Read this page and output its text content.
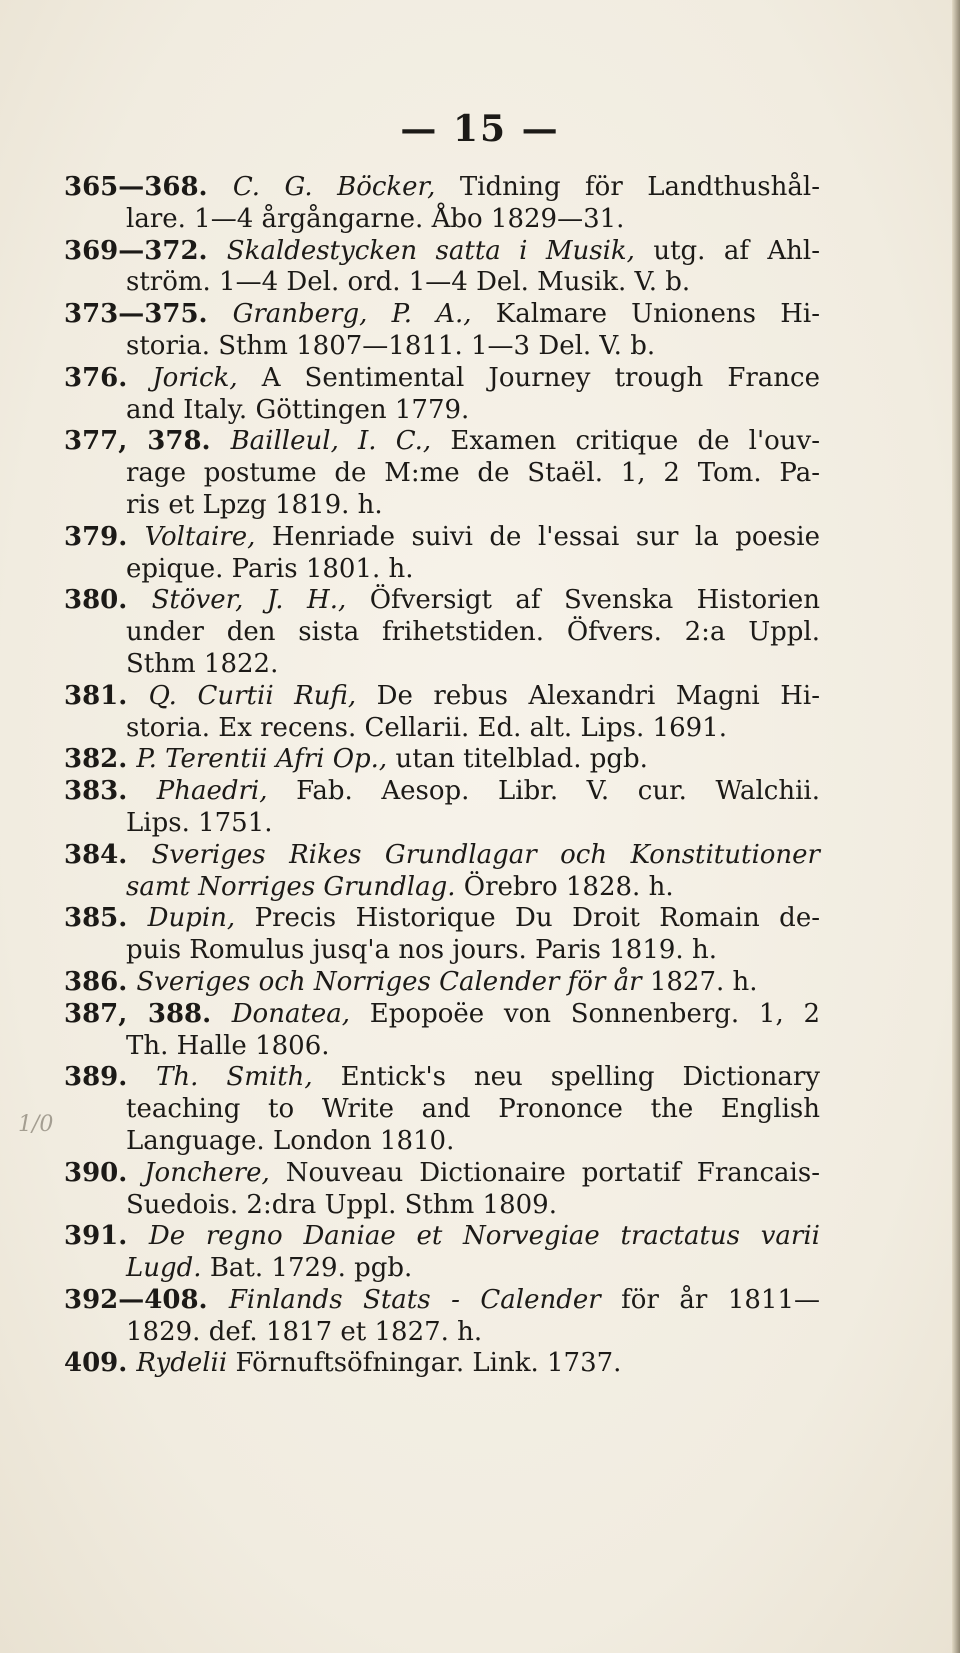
— 15 —
365—368. C. G. Böcker, Tidning för Landthushål-
lare. 1—4 årgångarne. Åbo 1829—31.
369—372. Skaldestycken satta i Musik, utg. af Ahl-
ström. 1—4 Del. ord. 1—4 Del. Musik. V. b.
373—375. Granberg, P. A., Kalmare Unionens Hi-
storia. Sthm 1807—1811. 1—3 Del. V. b.
376. Jorick, A Sentimental Journey trough France
and Italy. Göttingen 1779.
377, 378. Bailleul, I. C., Examen critique de l'ouv-
rage postume de M:me de Staël. 1, 2 Tom. Pa-
ris et Lpzg 1819. h.
379. Voltaire, Henriade suivi de l'essai sur la poesie
epique. Paris 1801. h.
380. Stöver, J. H., Öfversigt af Svenska Historien
under den sista frihetstiden. Öfvers. 2:a Uppl.
Sthm 1822.
381. Q. Curtii Rufi, De rebus Alexandri Magni Hi-
storia. Ex recens. Cellarii. Ed. alt. Lips. 1691.
382. P. Terentii Afri Op., utan titelblad. pgb.
383. Phaedri, Fab. Aesop. Libr. V. cur. Walchii.
Lips. 1751.
384. Sveriges Rikes Grundlagar och Konstitutioner
samt Norriges Grundlag. Örebro 1828. h.
385. Dupin, Precis Historique Du Droit Romain de-
puis Romulus jusq'a nos jours. Paris 1819. h.
386. Sveriges och Norriges Calender för år 1827. h.
387, 388. Donatea, Epopoëe von Sonnenberg. 1, 2
Th. Halle 1806.
389. Th. Smith, Entick's neu spelling Dictionary
teaching to Write and Prononce the English
Language. London 1810.
390. Jonchere, Nouveau Dictionaire portatif Francais-
Suedois. 2:dra Uppl. Sthm 1809.
391. De regno Daniae et Norvegiae tractatus varii
Lugd. Bat. 1729. pgb.
392—408. Finlands Stats - Calender för år 1811—
1829. def. 1817 et 1827. h.
409. Rydelii Förnuftsöfningar. Link. 1737.
1/0
